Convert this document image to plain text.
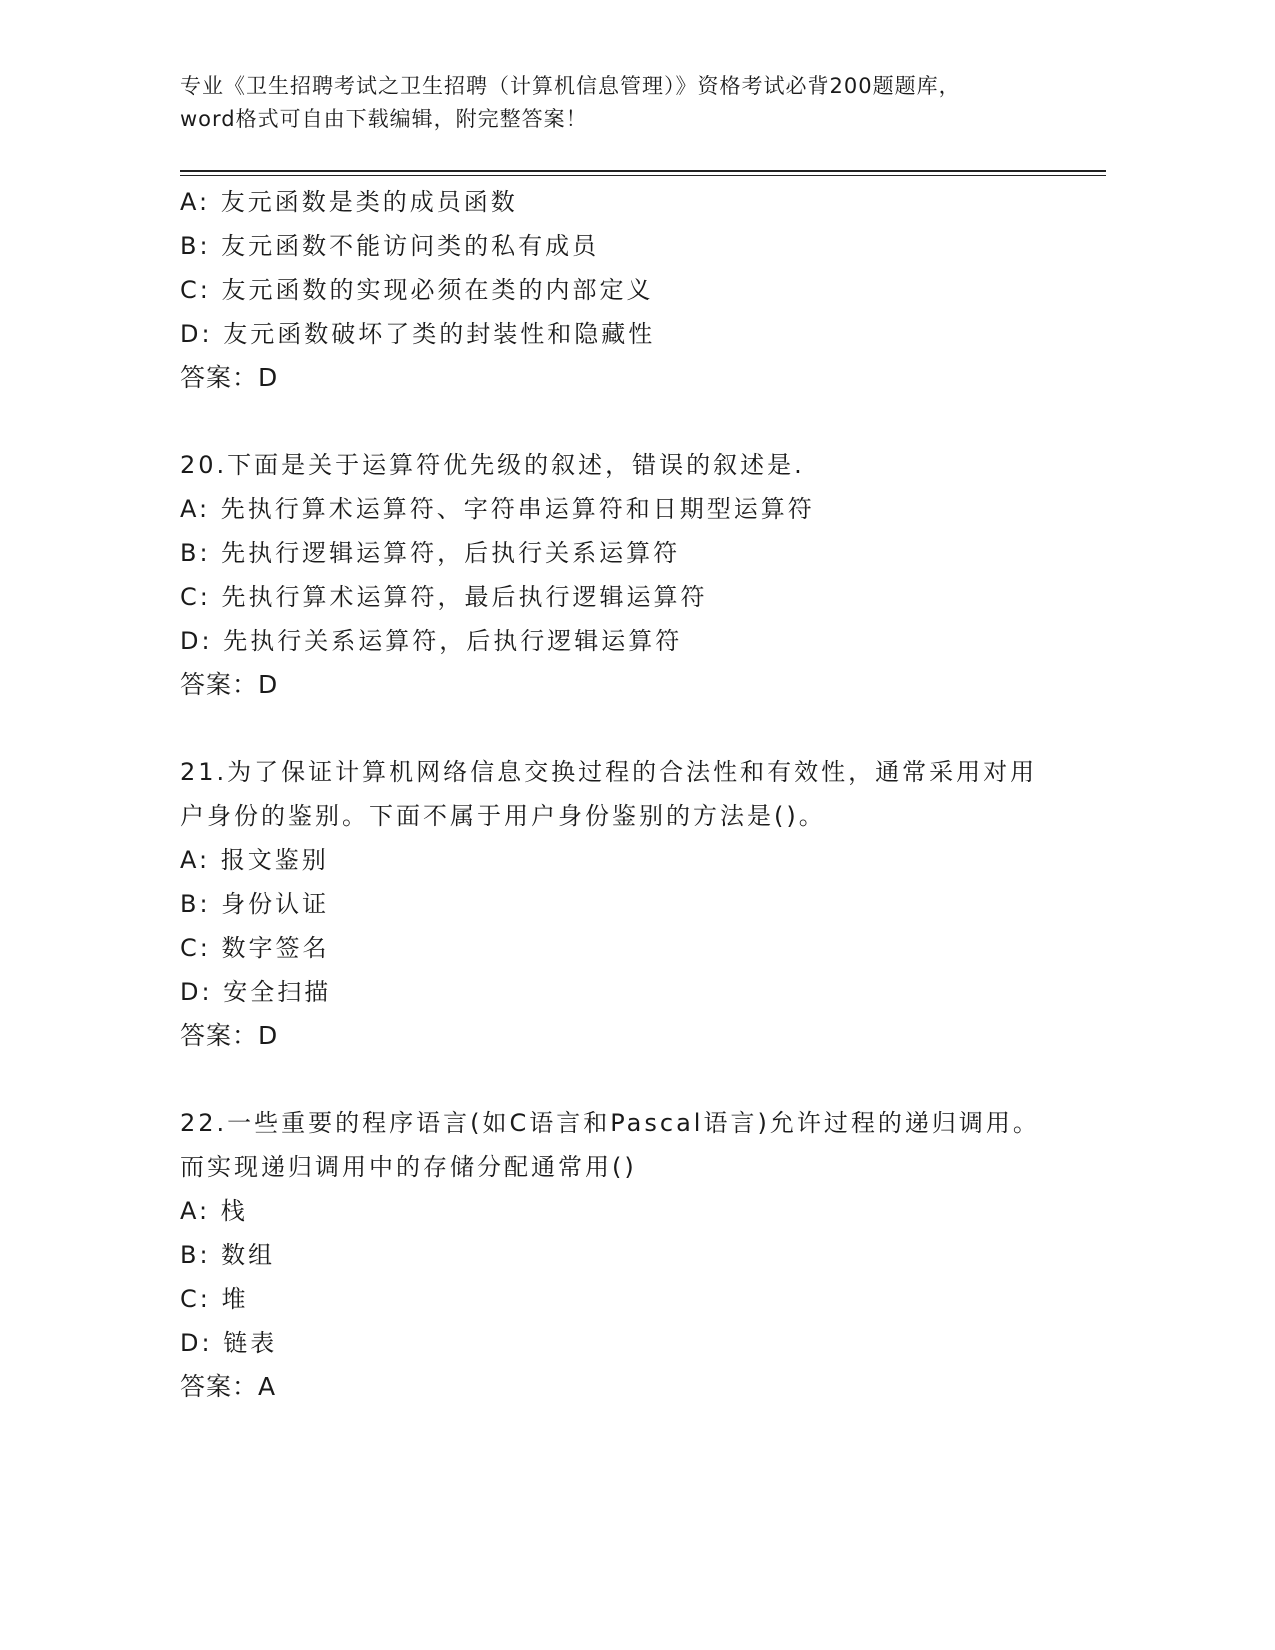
专业《卫生招聘考试之卫生招聘（计算机信息管理）》资格考试必背200题题库，
word格式可自由下载编辑，附完整答案！
A: 友元函数是类的成员函数
B: 友元函数不能访问类的私有成员
C: 友元函数的实现必须在类的内部定义
D: 友元函数破坏了类的封装性和隐藏性
答案：D
20.下面是关于运算符优先级的叙述，错误的叙述是.
A: 先执行算术运算符、字符串运算符和日期型运算符
B: 先执行逻辑运算符，后执行关系运算符
C: 先执行算术运算符，最后执行逻辑运算符
D: 先执行关系运算符，后执行逻辑运算符
答案：D
21.为了保证计算机网络信息交换过程的合法性和有效性，通常采用对用户身份的鉴别。下面不属于用户身份鉴别的方法是()。
A: 报文鉴别
B: 身份认证
C: 数字签名
D: 安全扫描
答案：D
22.一些重要的程序语言(如C语言和Pascal语言)允许过程的递归调用。而实现递归调用中的存储分配通常用()
A: 栈
B: 数组
C: 堆
D: 链表
答案：A
